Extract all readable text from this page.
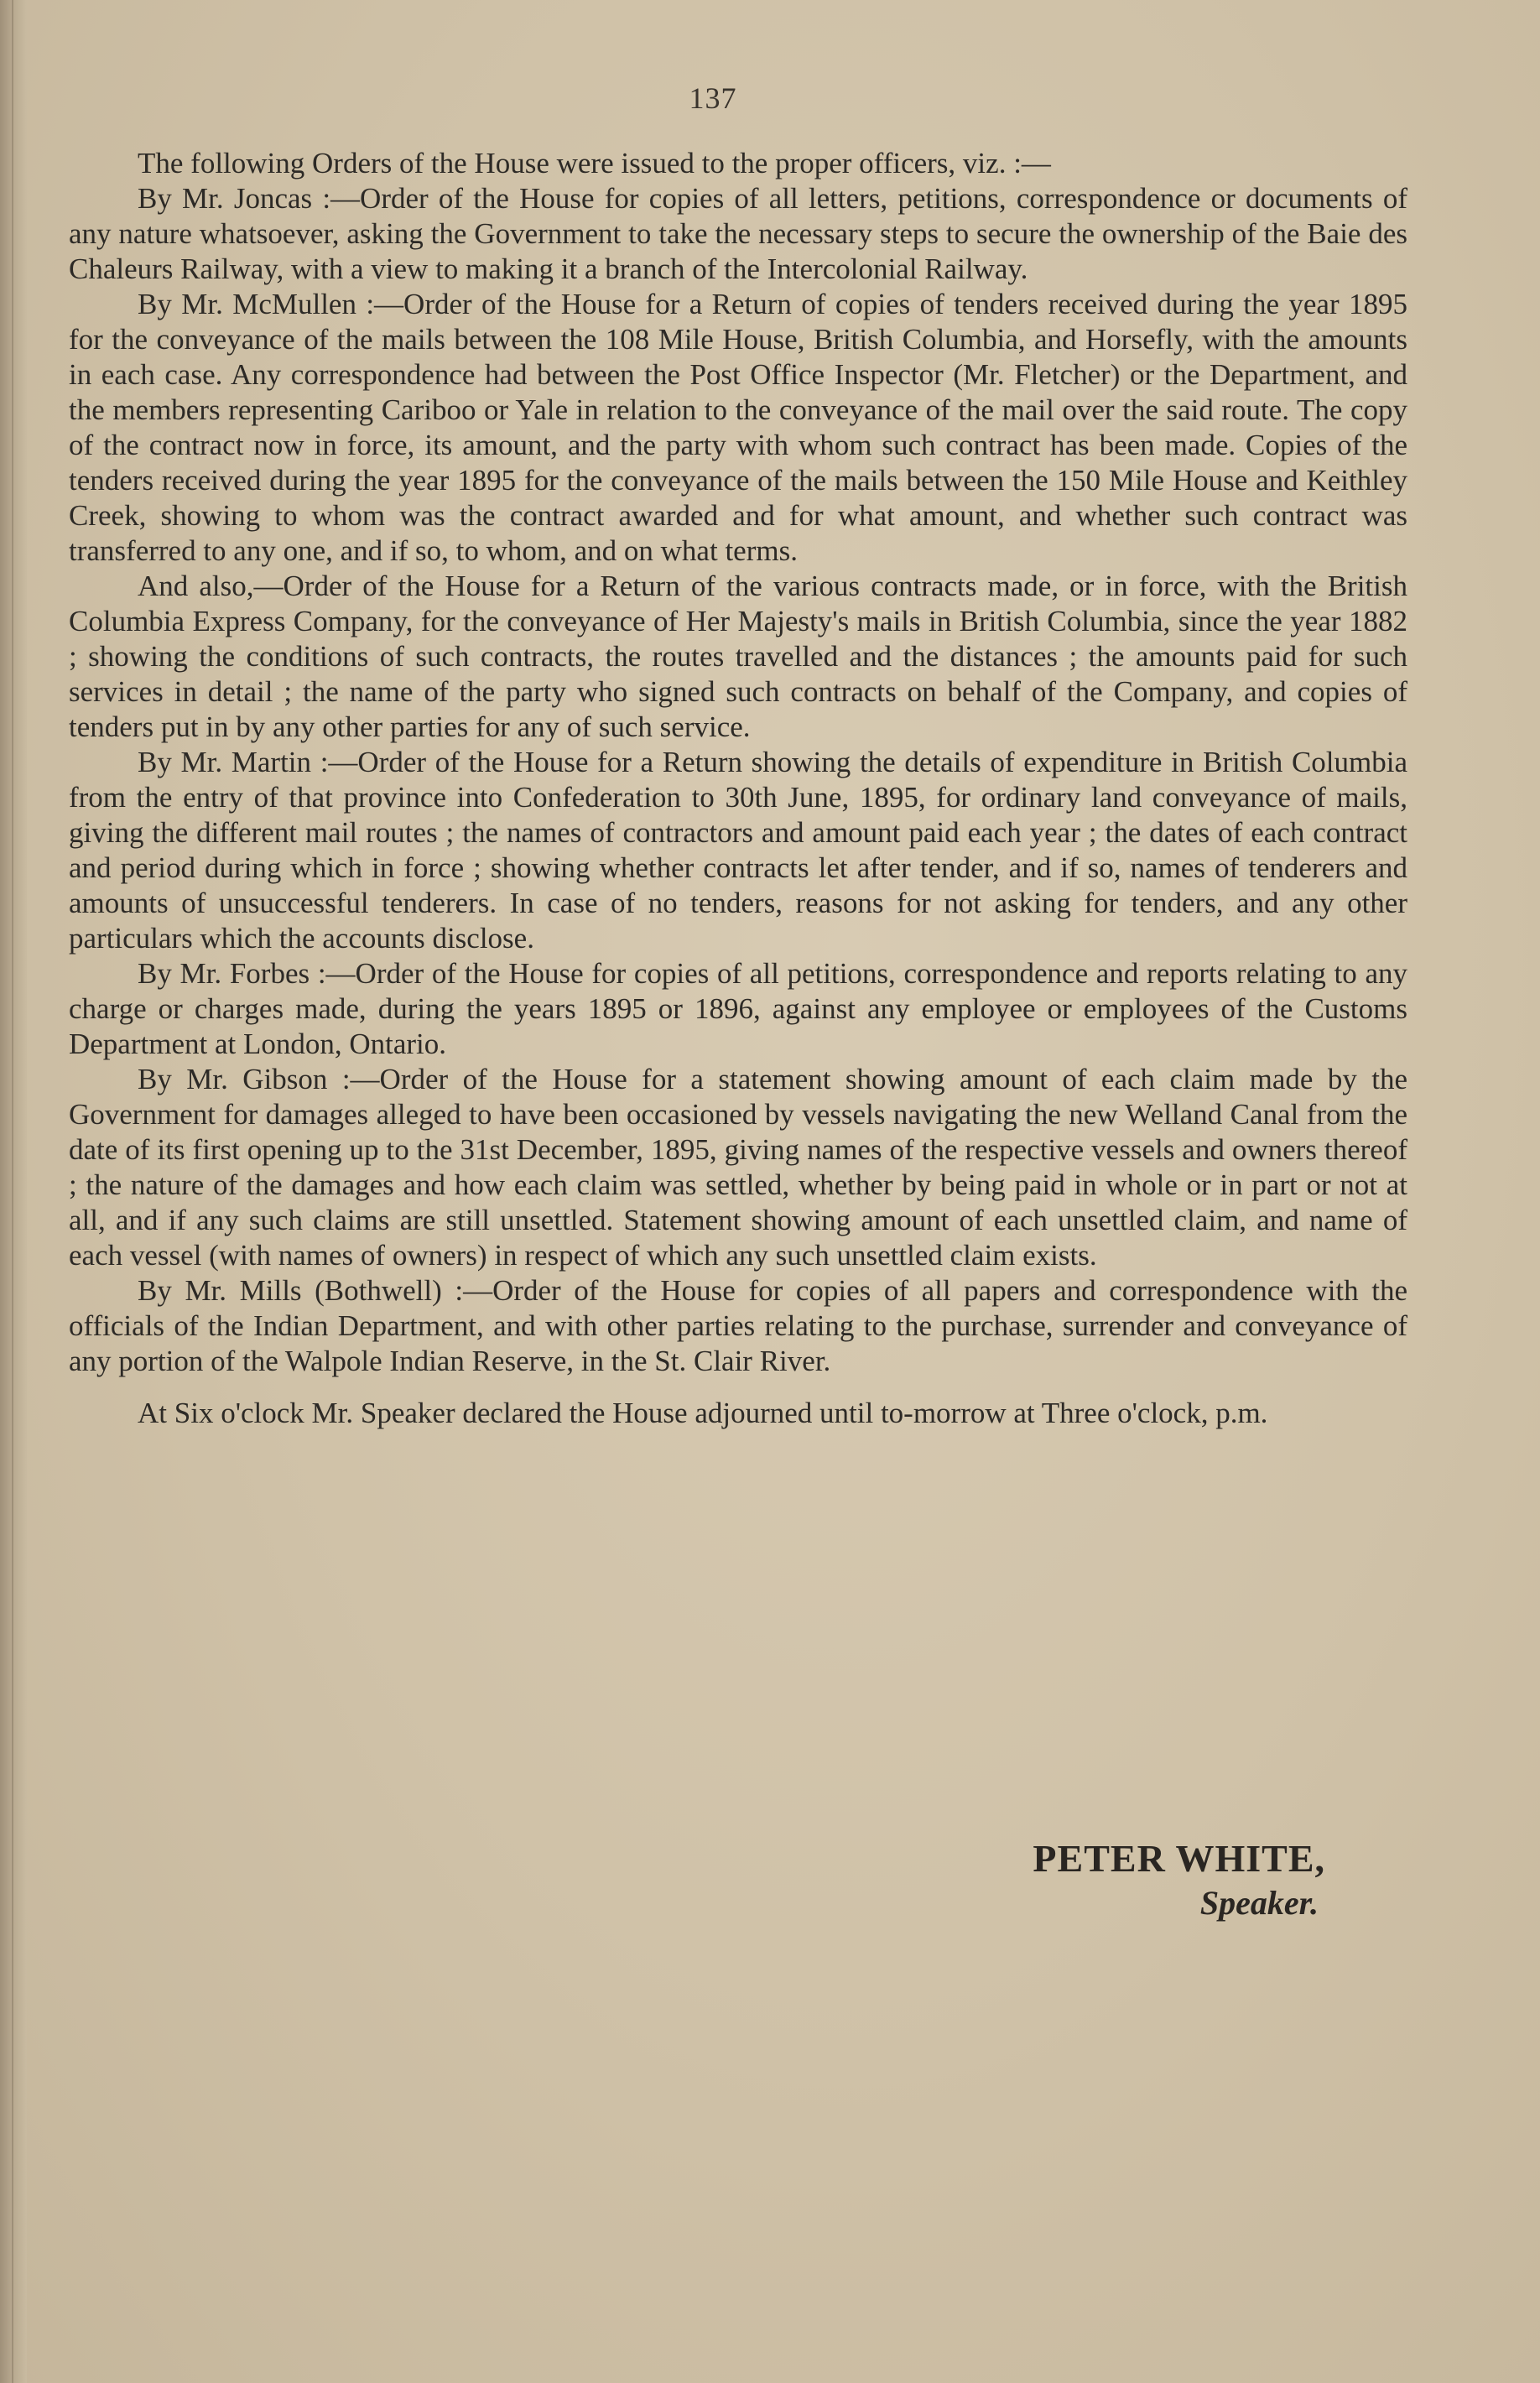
137

The following Orders of the House were issued to the proper officers, viz. :—

By Mr. Joncas :—Order of the House for copies of all letters, petitions, correspondence or documents of any nature whatsoever, asking the Government to take the necessary steps to secure the ownership of the Baie des Chaleurs Railway, with a view to making it a branch of the Intercolonial Railway.

By Mr. McMullen :—Order of the House for a Return of copies of tenders received during the year 1895 for the conveyance of the mails between the 108 Mile House, British Columbia, and Horsefly, with the amounts in each case. Any correspondence had between the Post Office Inspector (Mr. Fletcher) or the Department, and the members representing Cariboo or Yale in relation to the conveyance of the mail over the said route. The copy of the contract now in force, its amount, and the party with whom such contract has been made. Copies of the tenders received during the year 1895 for the conveyance of the mails between the 150 Mile House and Keithley Creek, showing to whom was the contract awarded and for what amount, and whether such contract was transferred to any one, and if so, to whom, and on what terms.

And also,—Order of the House for a Return of the various contracts made, or in force, with the British Columbia Express Company, for the conveyance of Her Majesty's mails in British Columbia, since the year 1882 ; showing the conditions of such contracts, the routes travelled and the distances ; the amounts paid for such services in detail ; the name of the party who signed such contracts on behalf of the Company, and copies of tenders put in by any other parties for any of such service.

By Mr. Martin :—Order of the House for a Return showing the details of expenditure in British Columbia from the entry of that province into Confederation to 30th June, 1895, for ordinary land conveyance of mails, giving the different mail routes ; the names of contractors and amount paid each year ; the dates of each contract and period during which in force ; showing whether contracts let after tender, and if so, names of tenderers and amounts of unsuccessful tenderers. In case of no tenders, reasons for not asking for tenders, and any other particulars which the accounts disclose.

By Mr. Forbes :—Order of the House for copies of all petitions, correspondence and reports relating to any charge or charges made, during the years 1895 or 1896, against any employee or employees of the Customs Department at London, Ontario.

By Mr. Gibson :—Order of the House for a statement showing amount of each claim made by the Government for damages alleged to have been occasioned by vessels navigating the new Welland Canal from the date of its first opening up to the 31st December, 1895, giving names of the respective vessels and owners thereof ; the nature of the damages and how each claim was settled, whether by being paid in whole or in part or not at all, and if any such claims are still unsettled. Statement showing amount of each unsettled claim, and name of each vessel (with names of owners) in respect of which any such unsettled claim exists.

By Mr. Mills (Bothwell) :—Order of the House for copies of all papers and correspondence with the officials of the Indian Department, and with other parties relating to the purchase, surrender and conveyance of any portion of the Walpole Indian Reserve, in the St. Clair River.

At Six o'clock Mr. Speaker declared the House adjourned until to-morrow at Three o'clock, p.m.

PETER WHITE,
Speaker.
